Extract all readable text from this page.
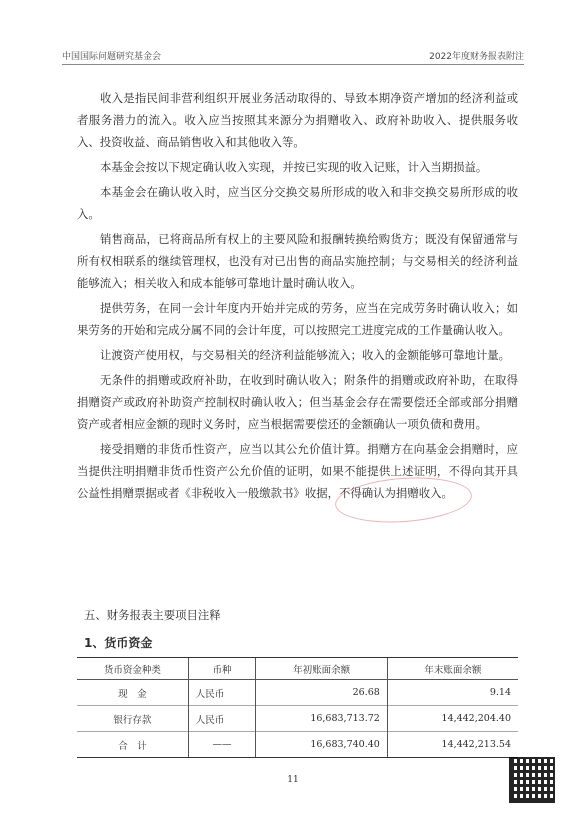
中国国际问题研究基金会	2022年度财务报表附注

收入是指民间非营利组织开展业务活动取得的、导致本期净资产增加的经济利益或者服务潜力的流入。收入应当按照其来源分为捐赠收入、政府补助收入、提供服务收入、投资收益、商品销售收入和其他收入等。

本基金会按以下规定确认收入实现，并按已实现的收入记账，计入当期损益。

本基金会在确认收入时，应当区分交换交易所形成的收入和非交换交易所形成的收入。

销售商品，已将商品所有权上的主要风险和报酬转换给购货方；既没有保留通常与所有权相联系的继续管理权，也没有对已出售的商品实施控制；与交易相关的经济利益能够流入；相关收入和成本能够可靠地计量时确认收入。

提供劳务，在同一会计年度内开始并完成的劳务，应当在完成劳务时确认收入；如果劳务的开始和完成分属不同的会计年度，可以按照完工进度完成的工作量确认收入。

让渡资产使用权，与交易相关的经济利益能够流入；收入的金额能够可靠地计量。

无条件的捐赠或政府补助，在收到时确认收入；附条件的捐赠或政府补助，在取得捐赠资产或政府补助资产控制权时确认收入；但当基金会存在需要偿还全部或部分捐赠资产或者相应金额的现时义务时，应当根据需要偿还的金额确认一项负债和费用。

接受捐赠的非货币性资产，应当以其公允价值计算。捐赠方在向基金会捐赠时，应当提供注明捐赠非货币性资产公允价值的证明，如果不能提供上述证明，不得向其开具公益性捐赠票据或者《非税收入一般缴款书》收据，不得确认为捐赠收入。

五、财务报表主要项目注释
1、货币资金
货币资金种类	币种	年初账面余额	年末账面余额
现　金	人民币	26.68	9.14
银行存款	人民币	16,683,713.72	14,442,204.40
合　计	——	16,683,740.40	14,442,213.54
11
